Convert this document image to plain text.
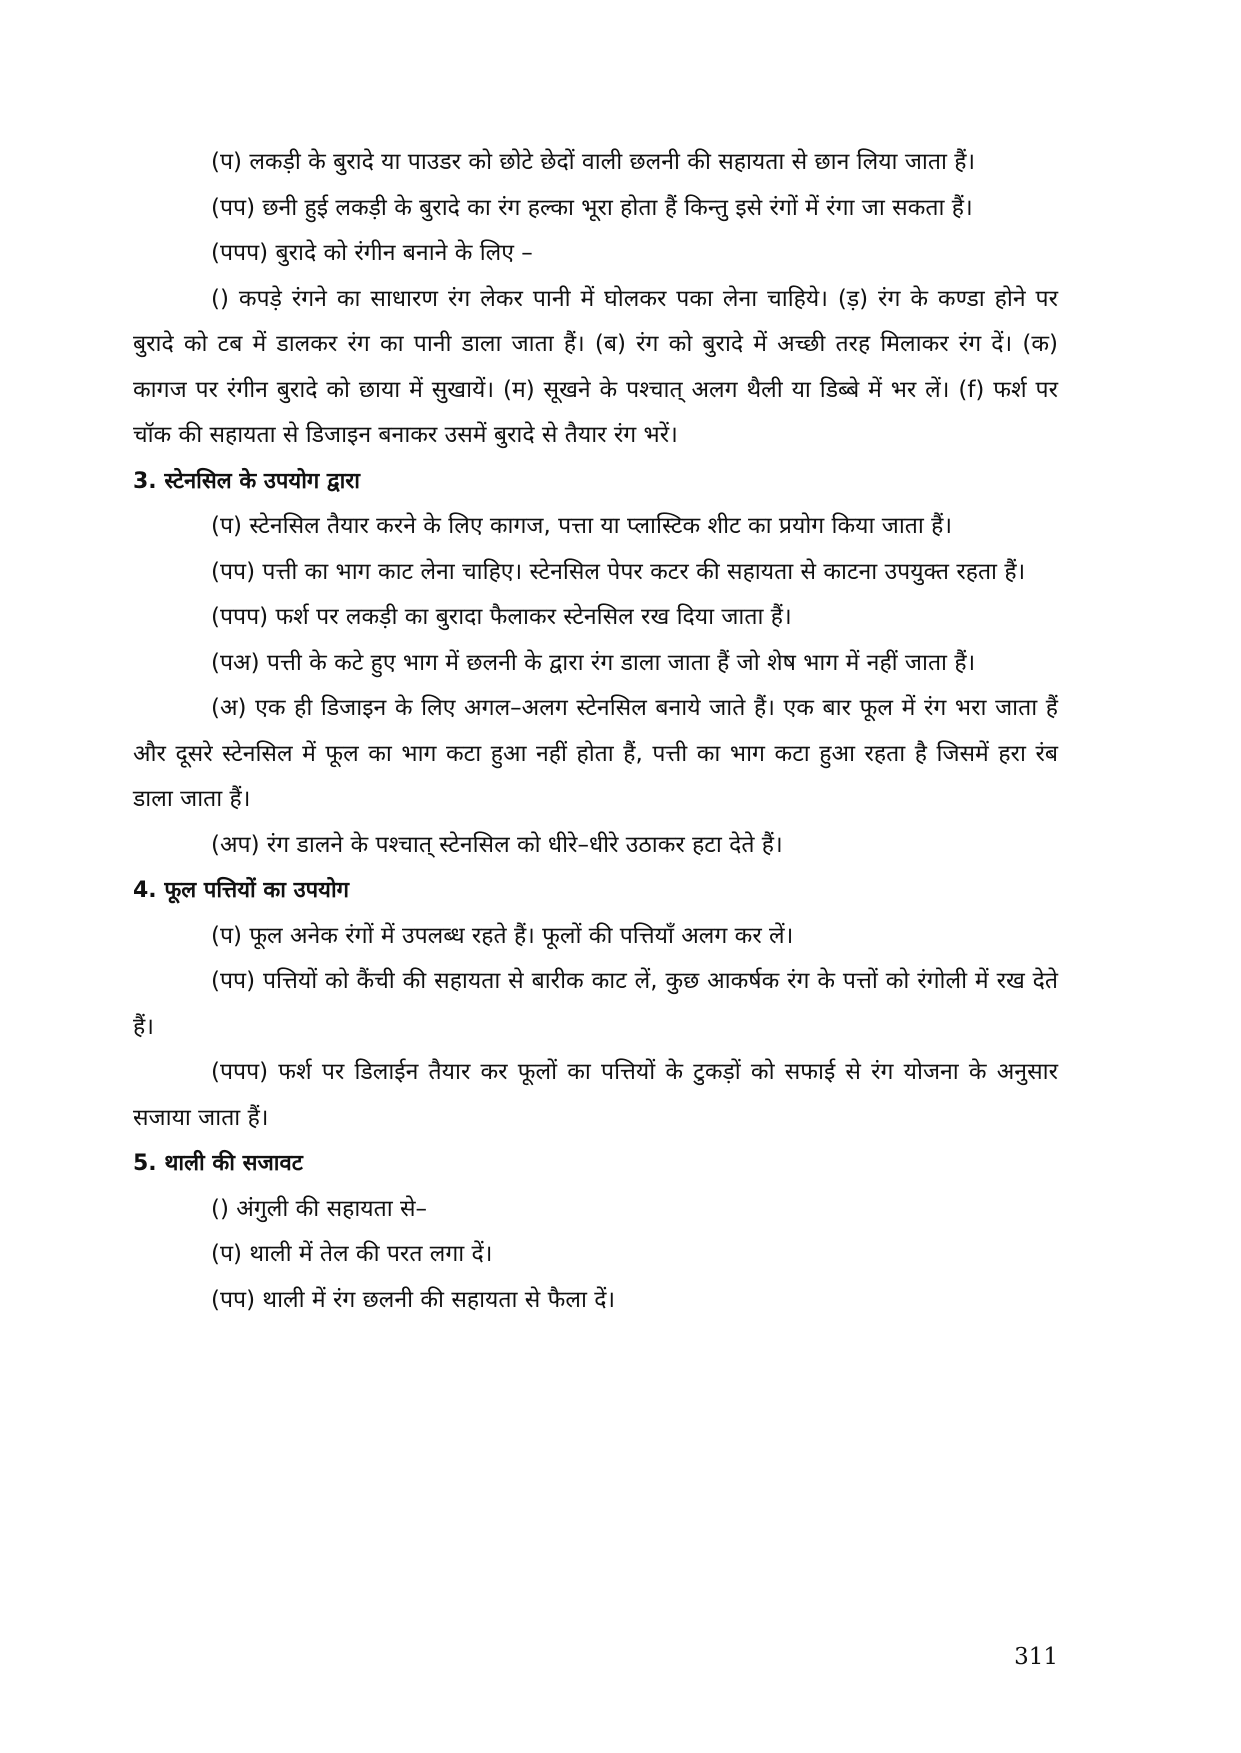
(प) लकड़ी के बुरादे या पाउडर को छोटे छेदों वाली छलनी की सहायता से छान लिया जाता हैं।

(पप) छनी हुई लकड़ी के बुरादे का रंग हल्का भूरा होता हैं किन्तु इसे रंगों में रंगा जा सकता हैं।

(पपप) बुरादे को रंगीन बनाने के लिए –

() कपड़े रंगने का साधारण रंग लेकर पानी में घोलकर पका लेना चाहिये। (ड़) रंग के कण्डा होने पर बुरादे को टब में डालकर रंग का पानी डाला जाता हैं। (ब) रंग को बुरादे में अच्छी तरह मिलाकर रंग दें। (क) कागज पर रंगीन बुरादे को छाया में सुखायें। (म) सूखने के पश्चात् अलग थैली या डिब्बे में भर लें। (f) फर्श पर चॉक की सहायता से डिजाइन बनाकर उसमें बुरादे से तैयार रंग भरें।

3. स्टेनसिल के उपयोग द्वारा

(प) स्टेनसिल तैयार करने के लिए कागज, पत्ता या प्लास्टिक शीट का प्रयोग किया जाता हैं।

(पप) पत्ती का भाग काट लेना चाहिए। स्टेनसिल पेपर कटर की सहायता से काटना उपयुक्त रहता हैं।

(पपप) फर्श पर लकड़ी का बुरादा फैलाकर स्टेनसिल रख दिया जाता हैं।

(पअ) पत्ती के कटे हुए भाग में छलनी के द्वारा रंग डाला जाता हैं जो शेष भाग में नहीं जाता हैं।

(अ) एक ही डिजाइन के लिए अगल–अलग स्टेनसिल बनाये जाते हैं। एक बार फूल में रंग भरा जाता हैं और दूसरे स्टेनसिल में फूल का भाग कटा हुआ नहीं होता हैं, पत्ती का भाग कटा हुआ रहता है जिसमें हरा रंब डाला जाता हैं।

(अप) रंग डालने के पश्चात् स्टेनसिल को धीरे–धीरे उठाकर हटा देते हैं।

4. फूल पत्तियों का उपयोग

(प) फूल अनेक रंगों में उपलब्ध रहते हैं। फूलों की पत्तियाँ अलग कर लें।

(पप) पत्तियों को कैंची की सहायता से बारीक काट लें, कुछ आकर्षक रंग के पत्तों को रंगोली में रख देते हैं।

(पपप) फर्श पर डिलाईन तैयार कर फूलों का पत्तियों के टुकड़ों को सफाई से रंग योजना के अनुसार सजाया जाता हैं।

5. थाली की सजावट

() अंगुली की सहायता से–

(प) थाली में तेल की परत लगा दें।

(पप) थाली में रंग छलनी की सहायता से फैला दें।

311
